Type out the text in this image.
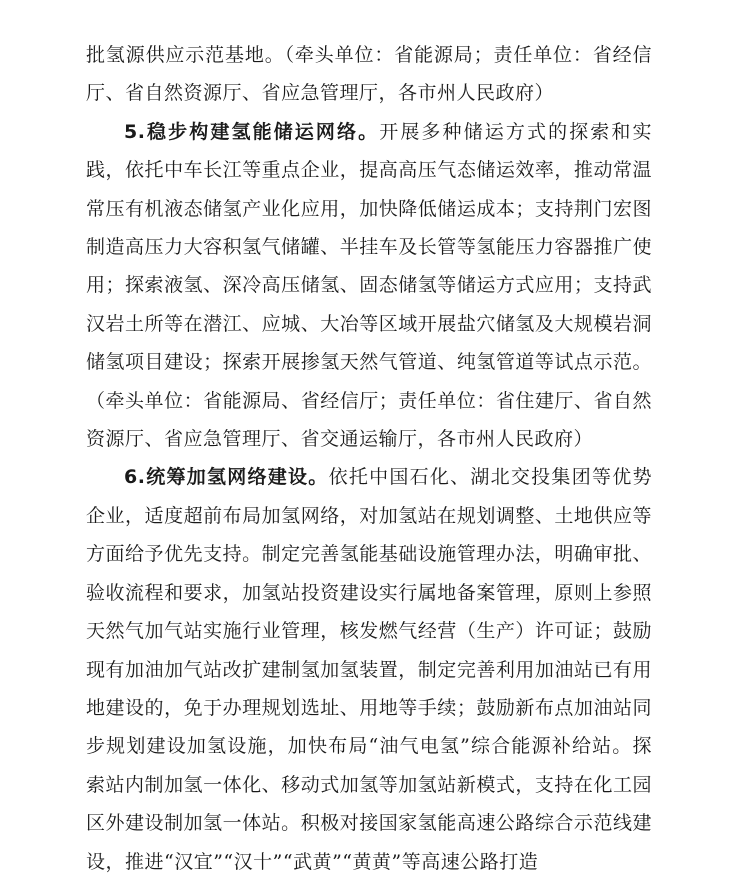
批氢源供应示范基地。（牵头单位：省能源局；责任单位：省经信厅、省自然资源厅、省应急管理厅，各市州人民政府）

5.稳步构建氢能储运网络。开展多种储运方式的探索和实践，依托中车长江等重点企业，提高高压气态储运效率，推动常温常压有机液态储氢产业化应用，加快降低储运成本；支持荆门宏图制造高压力大容积氢气储罐、半挂车及长管等氢能压力容器推广使用；探索液氢、深冷高压储氢、固态储氢等储运方式应用；支持武汉岩土所等在潜江、应城、大冶等区域开展盐穴储氢及大规模岩洞储氢项目建设；探索开展掺氢天然气管道、纯氢管道等试点示范。（牵头单位：省能源局、省经信厅；责任单位：省住建厅、省自然资源厅、省应急管理厅、省交通运输厅，各市州人民政府）

6.统筹加氢网络建设。依托中国石化、湖北交投集团等优势企业，适度超前布局加氢网络，对加氢站在规划调整、土地供应等方面给予优先支持。制定完善氢能基础设施管理办法，明确审批、验收流程和要求，加氢站投资建设实行属地备案管理，原则上参照天然气加气站实施行业管理，核发燃气经营（生产）许可证；鼓励现有加油加气站改扩建制氢加氢装置，制定完善利用加油站已有用地建设的，免于办理规划选址、用地等手续；鼓励新布点加油站同步规划建设加氢设施，加快布局“油气电氢”综合能源补给站。探索站内制加氢一体化、移动式加氢等加氢站新模式，支持在化工园区外建设制加氢一体站。积极对接国家氢能高速公路综合示范线建设，推进“汉宜”“汉十”“武黄”“黄黄”等高速公路打造
